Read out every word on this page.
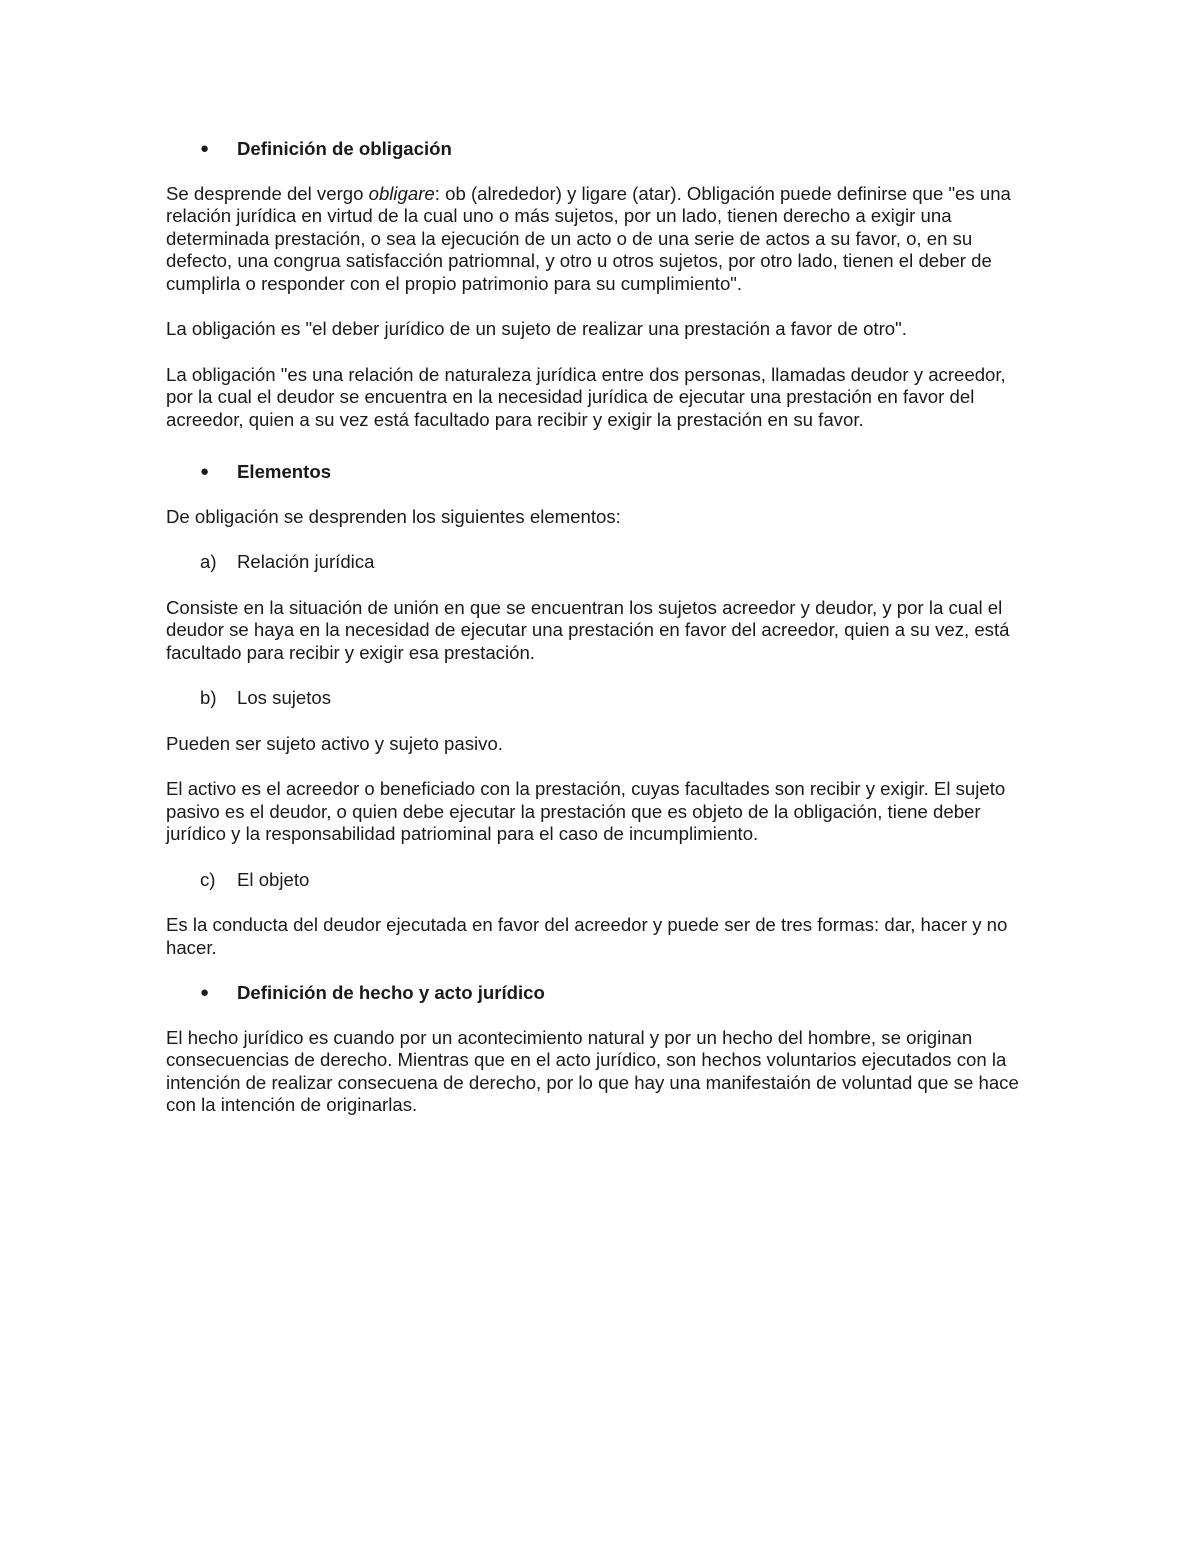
● Definición de obligación

Se desprende del vergo obligare: ob (alrededor) y ligare (atar). Obligación puede definirse que "es una relación jurídica en virtud de la cual uno o más sujetos, por un lado, tienen derecho a exigir una determinada prestación, o sea la ejecución de un acto o de una serie de actos a su favor, o, en su defecto, una congrua satisfacción patriomnal, y otro u otros sujetos, por otro lado, tienen el deber de cumplirla o responder con el propio patrimonio para su cumplimiento".

La obligación es "el deber jurídico de un sujeto de realizar una prestación a favor de otro".

La obligación "es una relación de naturaleza jurídica entre dos personas, llamadas deudor y acreedor, por la cual el deudor se encuentra en la necesidad jurídica de ejecutar una prestación en favor del acreedor, quien a su vez está facultado para recibir y exigir la prestación en su favor.

● Elementos

De obligación se desprenden los siguientes elementos:

a) Relación jurídica

Consiste en la situación de unión en que se encuentran los sujetos acreedor y deudor, y por la cual el deudor se haya en la necesidad de ejecutar una prestación en favor del acreedor, quien a su vez, está facultado para recibir y exigir esa prestación.

b) Los sujetos

Pueden ser sujeto activo y sujeto pasivo.

El activo es el acreedor o beneficiado con la prestación, cuyas facultades son recibir y exigir. El sujeto pasivo es el deudor, o quien debe ejecutar la prestación que es objeto de la obligación, tiene deber jurídico y la responsabilidad patriominal para el caso de incumplimiento.

c) El objeto

Es la conducta del deudor ejecutada en favor del acreedor y puede ser de tres formas: dar, hacer y no hacer.

● Definición de hecho y acto jurídico

El hecho jurídico es cuando por un acontecimiento natural y por un hecho del hombre, se originan consecuencias de derecho. Mientras que en el acto jurídico, son hechos voluntarios ejecutados con la intención de realizar consecuena de derecho, por lo que hay una manifestaión de voluntad que se hace con la intención de originarlas.
